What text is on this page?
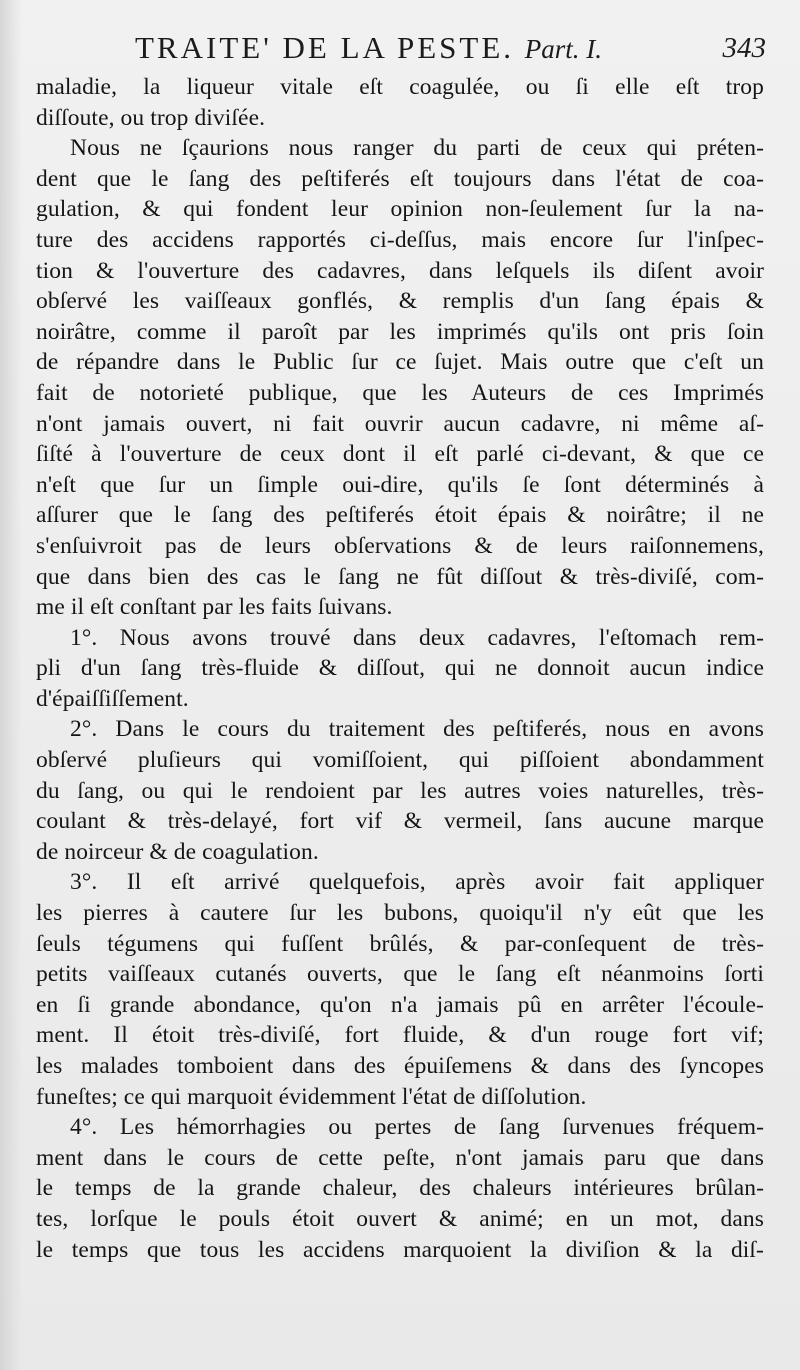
TRAITE' DE LA PESTE. Part. I.	343
maladie, la liqueur vitale eſt coagulée, ou ſi elle eſt trop
diſſoute, ou trop diviſée.
Nous ne ſçaurions nous ranger du parti de ceux qui préten-
dent que le ſang des peſtiferés eſt toujours dans l'état de coa-
gulation, & qui fondent leur opinion non-ſeulement ſur la na-
ture des accidens rapportés ci-deſſus, mais encore ſur l'inſpec-
tion & l'ouverture des cadavres, dans leſquels ils diſent avoir
obſervé les vaiſſeaux gonflés, & remplis d'un ſang épais &
noirâtre, comme il paroît par les imprimés qu'ils ont pris ſoin
de répandre dans le Public ſur ce ſujet. Mais outre que c'eſt un
fait de notorieté publique, que les Auteurs de ces Imprimés
n'ont jamais ouvert, ni fait ouvrir aucun cadavre, ni même aſ-
ſiſté à l'ouverture de ceux dont il eſt parlé ci-devant, & que ce
n'eſt que ſur un ſimple oui-dire, qu'ils ſe ſont déterminés à
aſſurer que le ſang des peſtiferés étoit épais & noirâtre; il ne
s'enſuivroit pas de leurs obſervations & de leurs raiſonnemens,
que dans bien des cas le ſang ne fût diſſout & très-diviſé, com-
me il eſt conſtant par les faits ſuivans.
1°. Nous avons trouvé dans deux cadavres, l'eſtomach rem-
pli d'un ſang très-fluide & diſſout, qui ne donnoit aucun indice
d'épaiſſiſſement.
2°. Dans le cours du traitement des peſtiferés, nous en avons
obſervé pluſieurs qui vomiſſoient, qui piſſoient abondamment
du ſang, ou qui le rendoient par les autres voies naturelles, très-
coulant & très-delayé, fort vif & vermeil, ſans aucune marque
de noirceur & de coagulation.
3°. Il eſt arrivé quelquefois, après avoir fait appliquer
les pierres à cautere ſur les bubons, quoiqu'il n'y eût que les
ſeuls tégumens qui fuſſent brûlés, & par-conſequent de très-
petits vaiſſeaux cutanés ouverts, que le ſang eſt néanmoins ſorti
en ſi grande abondance, qu'on n'a jamais pû en arrêter l'écoule-
ment. Il étoit très-diviſé, fort fluide, & d'un rouge fort vif;
les malades tomboient dans des épuiſemens & dans des ſyncopes
funeſtes; ce qui marquoit évidemment l'état de diſſolution.
4°. Les hémorrhagies ou pertes de ſang ſurvenues fréquem-
ment dans le cours de cette peſte, n'ont jamais paru que dans
le temps de la grande chaleur, des chaleurs intérieures brûlan-
tes, lorſque le pouls étoit ouvert & animé; en un mot, dans
le temps que tous les accidens marquoient la diviſion & la diſ-
